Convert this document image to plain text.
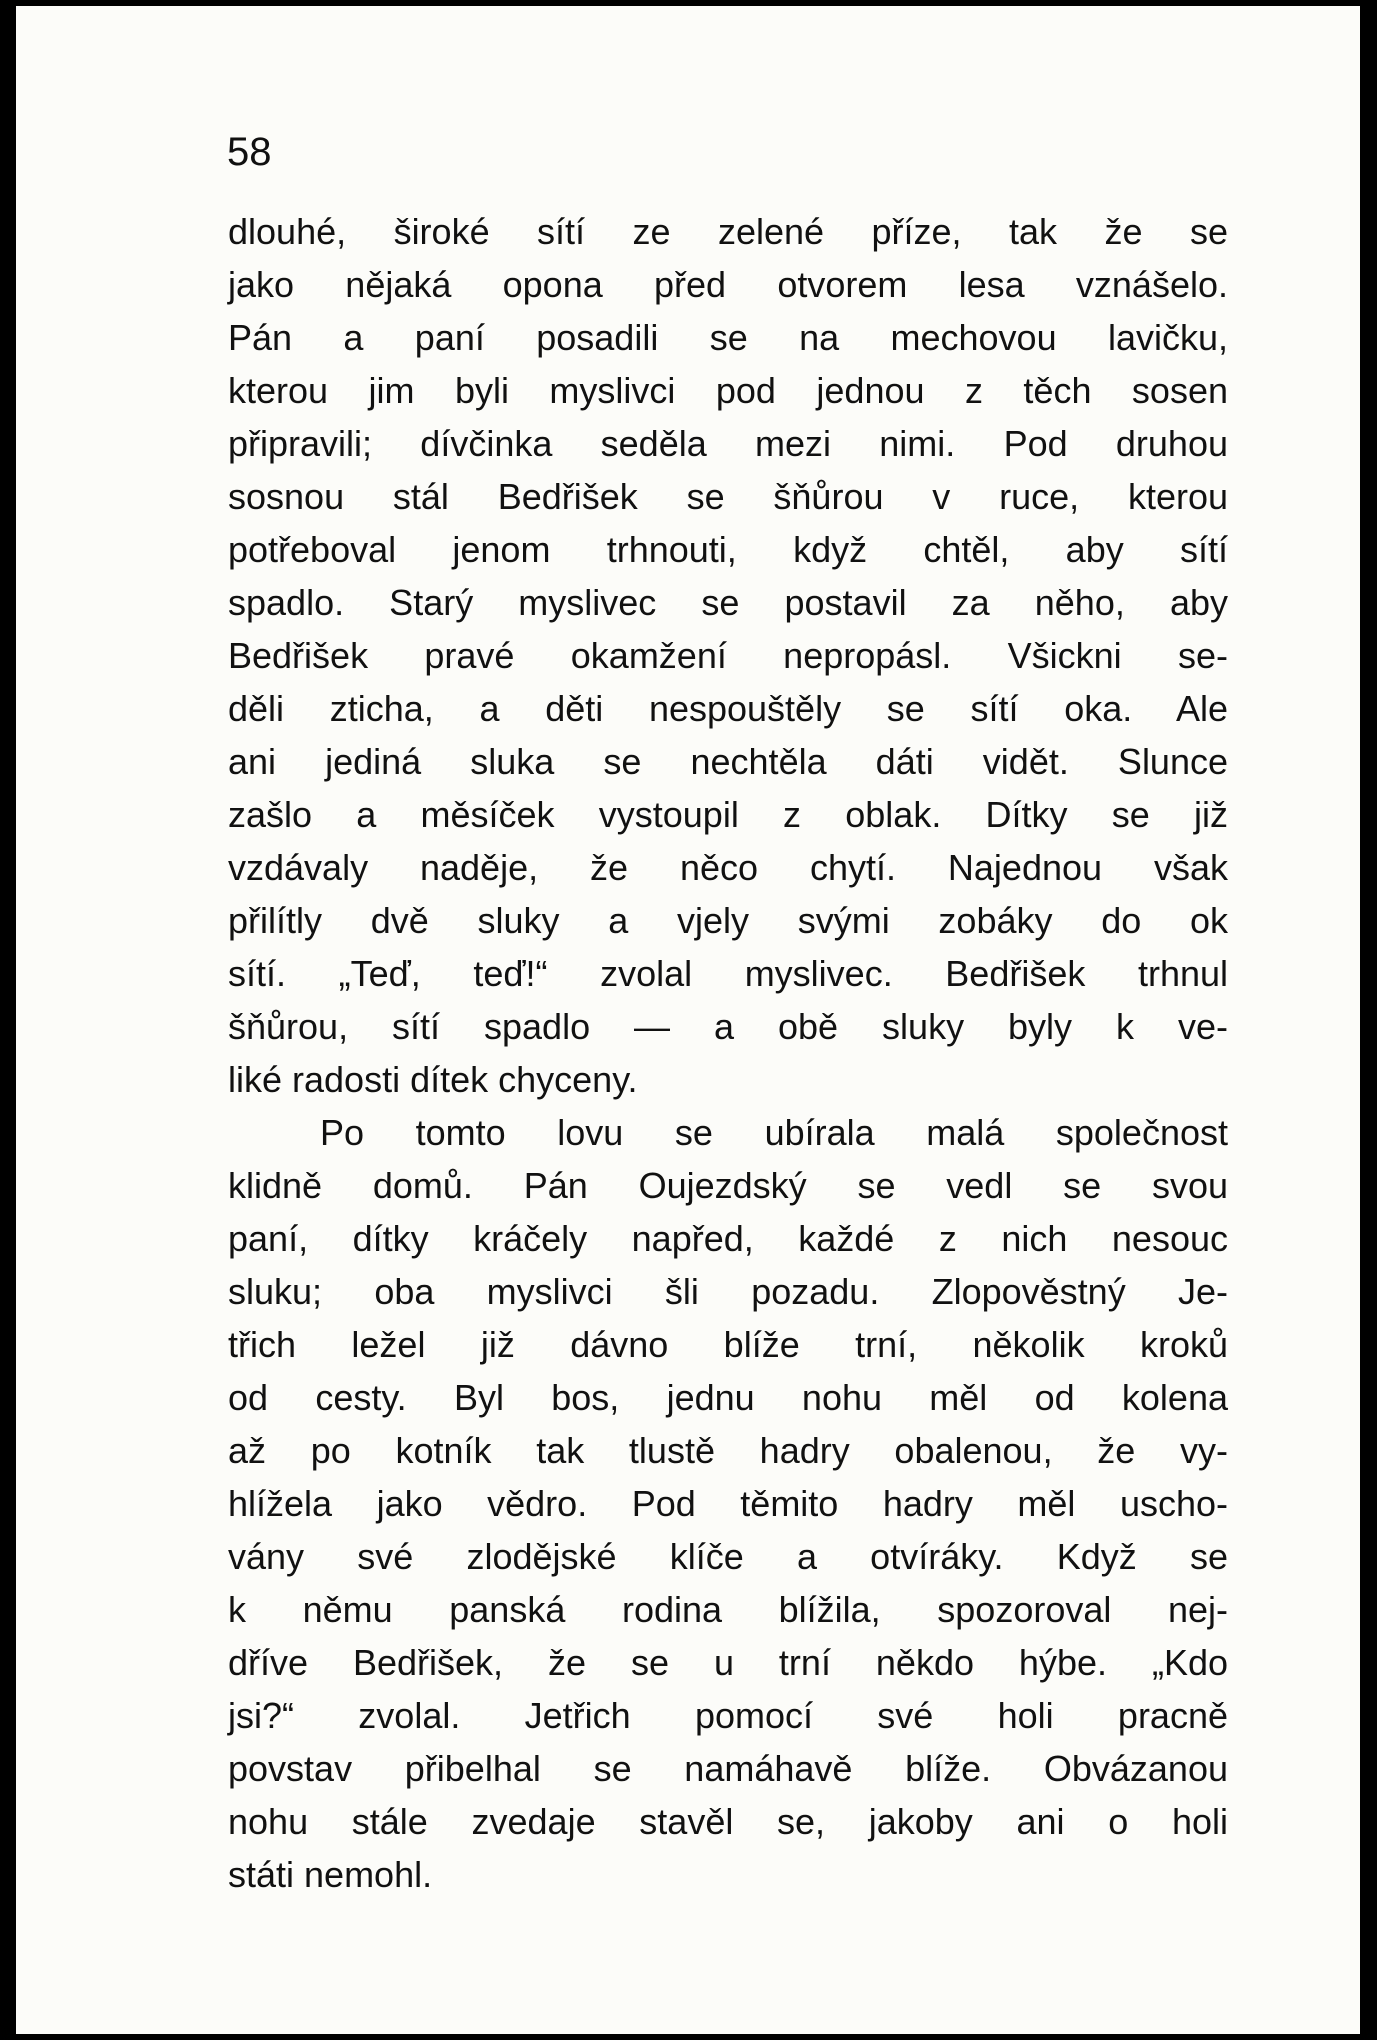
58
dlouhé, široké sítí ze zelené příze, tak že se
jako nějaká opona před otvorem lesa vznášelo.
Pán a paní posadili se na mechovou lavičku,
kterou jim byli myslivci pod jednou z těch sosen
připravili; dívčinka seděla mezi nimi. Pod druhou
sosnou stál Bedřišek se šňůrou v ruce, kterou
potřeboval jenom trhnouti, když chtěl, aby sítí
spadlo. Starý myslivec se postavil za něho, aby
Bedřišek pravé okamžení nepropásl. Všickni se-
děli zticha, a děti nespouštěly se sítí oka. Ale
ani jediná sluka se nechtěla dáti vidět. Slunce
zašlo a měsíček vystoupil z oblak. Dítky se již
vzdávaly naděje, že něco chytí. Najednou však
přilítly dvě sluky a vjely svými zobáky do ok
sítí. „Teď, teď!“ zvolal myslivec. Bedřišek trhnul
šňůrou, sítí spadlo — a obě sluky byly k ve-
liké radosti dítek chyceny.
Po tomto lovu se ubírala malá společnost
klidně domů. Pán Oujezdský se vedl se svou
paní, dítky kráčely napřed, každé z nich nesouc
sluku; oba myslivci šli pozadu. Zlopověstný Je-
třich ležel již dávno blíže trní, několik kroků
od cesty. Byl bos, jednu nohu měl od kolena
až po kotník tak tlustě hadry obalenou, že vy-
hlížela jako vědro. Pod těmito hadry měl uscho-
vány své zlodějské klíče a otvíráky. Když se
k němu panská rodina blížila, spozoroval nej-
dříve Bedřišek, že se u trní někdo hýbe. „Kdo
jsi?“ zvolal. Jetřich pomocí své holi pracně
povstav přibelhal se namáhavě blíže. Obvázanou
nohu stále zvedaje stavěl se, jakoby ani o holi
státi nemohl.
